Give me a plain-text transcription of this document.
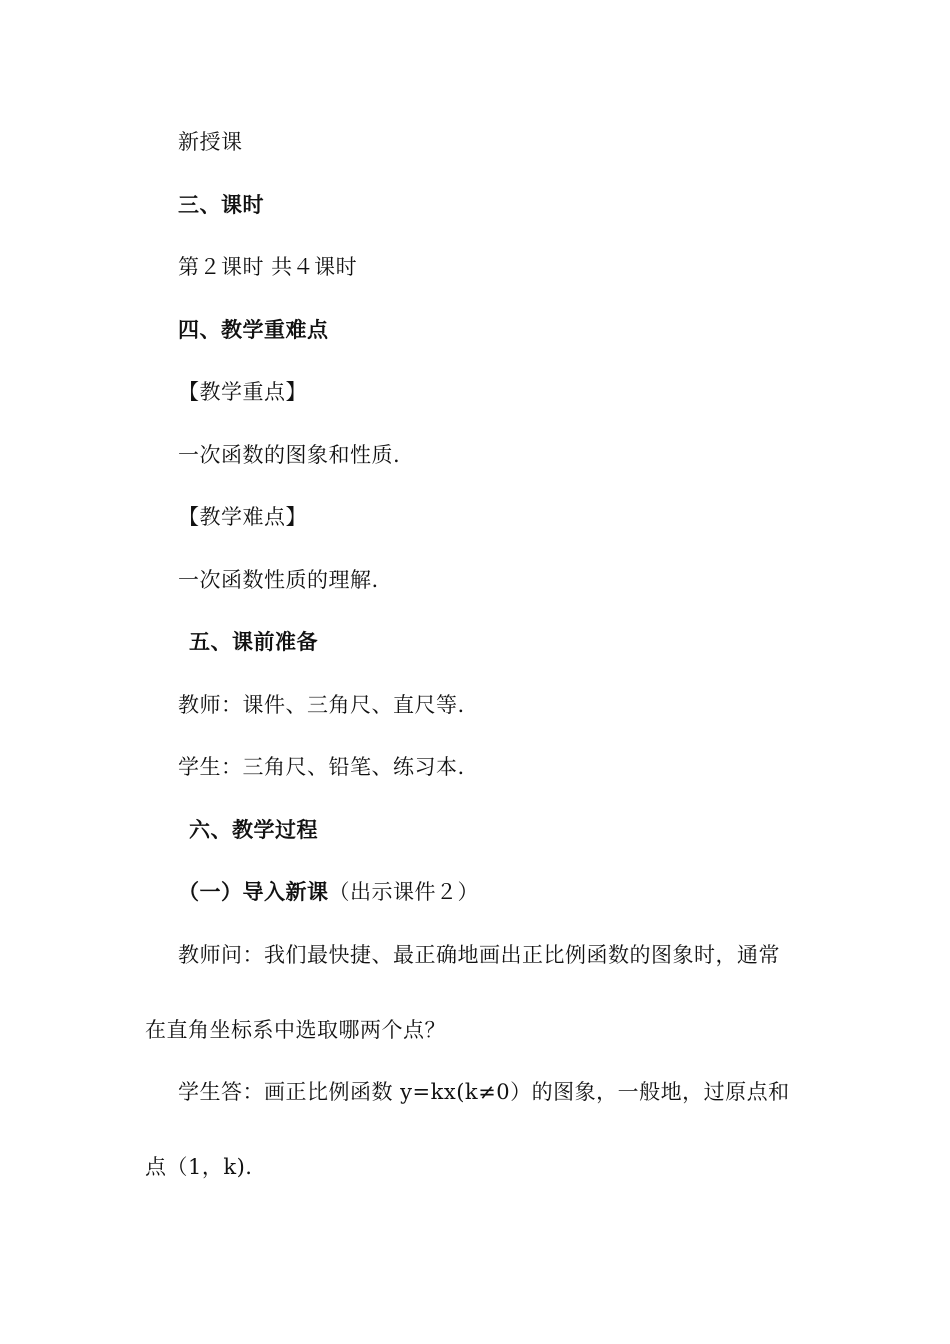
新授课
三、课时
第２课时 共４课时
四、教学重难点
【教学重点】
一次函数的图象和性质.
【教学难点】
一次函数性质的理解.
五、课前准备
教师：课件、三角尺、直尺等.
学生：三角尺、铅笔、练习本.
六、教学过程
（一）导入新课（出示课件２）
教师问：我们最快捷、最正确地画出正比例函数的图象时，通常
在直角坐标系中选取哪两个点？
学生答：画正比例函数 y=kx(k≠0）的图象，一般地，过原点和
点（1，k).
